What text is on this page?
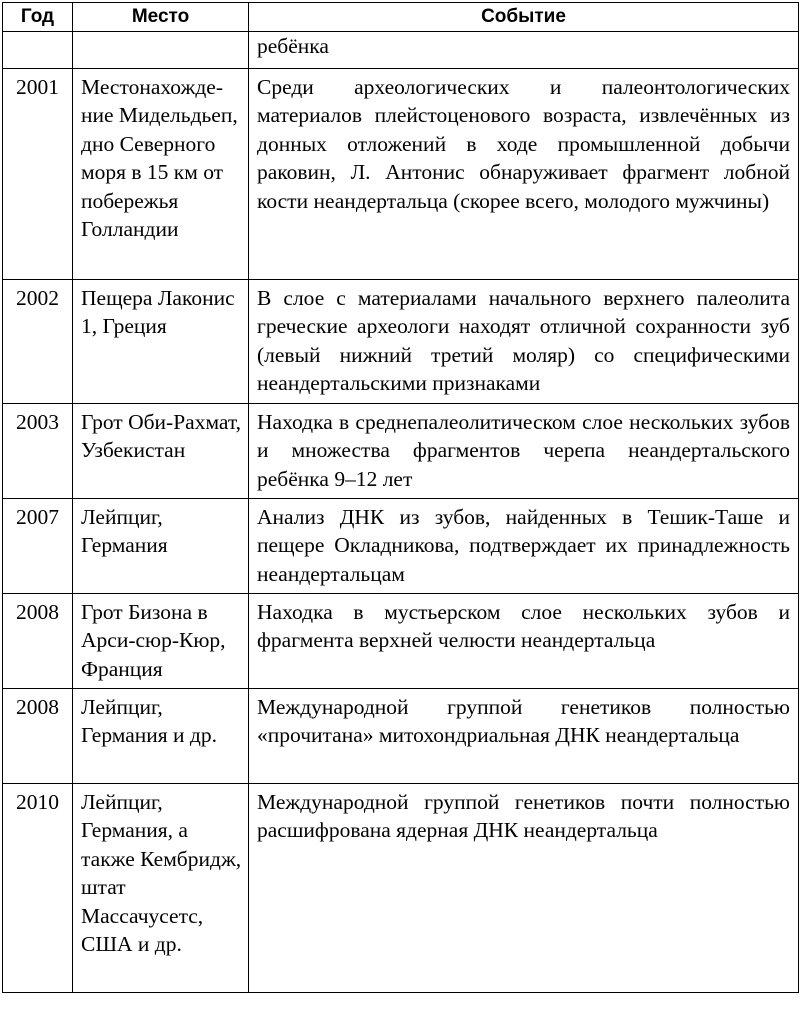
Год	Место	Событие
		ребёнка
2001	Местонахожде-ние Мидельдьеп, дно Северного моря в 15 км от побережья Голландии	Среди археологических и палеонтологических материалов плейстоценового возраста, извлечённых из донных отложений в ходе промышленной добычи раковин, Л. Антонис обнаруживает фрагмент лобной кости неандертальца (скорее всего, молодого мужчины)
2002	Пещера Лаконис 1, Греция	В слое с материалами начального верхнего палеолита греческие археологи находят отличной сохранности зуб (левый нижний третий моляр) со специфическими неандертальскими признаками
2003	Грот Оби-Рахмат, Узбекистан	Находка в среднепалеолитическом слое нескольких зубов и множества фрагментов черепа неандертальского ребёнка 9–12 лет
2007	Лейпциг, Германия	Анализ ДНК из зубов, найденных в Тешик-Таше и пещере Окладникова, подтверждает их принадлежность неандертальцам
2008	Грот Бизона в Арси-сюр-Кюр, Франция	Находка в мустьерском слое нескольких зубов и фрагмента верхней челюсти неандертальца
2008	Лейпциг, Германия и др.	Международной группой генетиков полностью «прочитана» митохондриальная ДНК неандертальца
2010	Лейпциг, Германия, а также Кембридж, штат Массачусетс, США и др.	Международной группой генетиков почти полностью расшифрована ядерная ДНК неандертальца
